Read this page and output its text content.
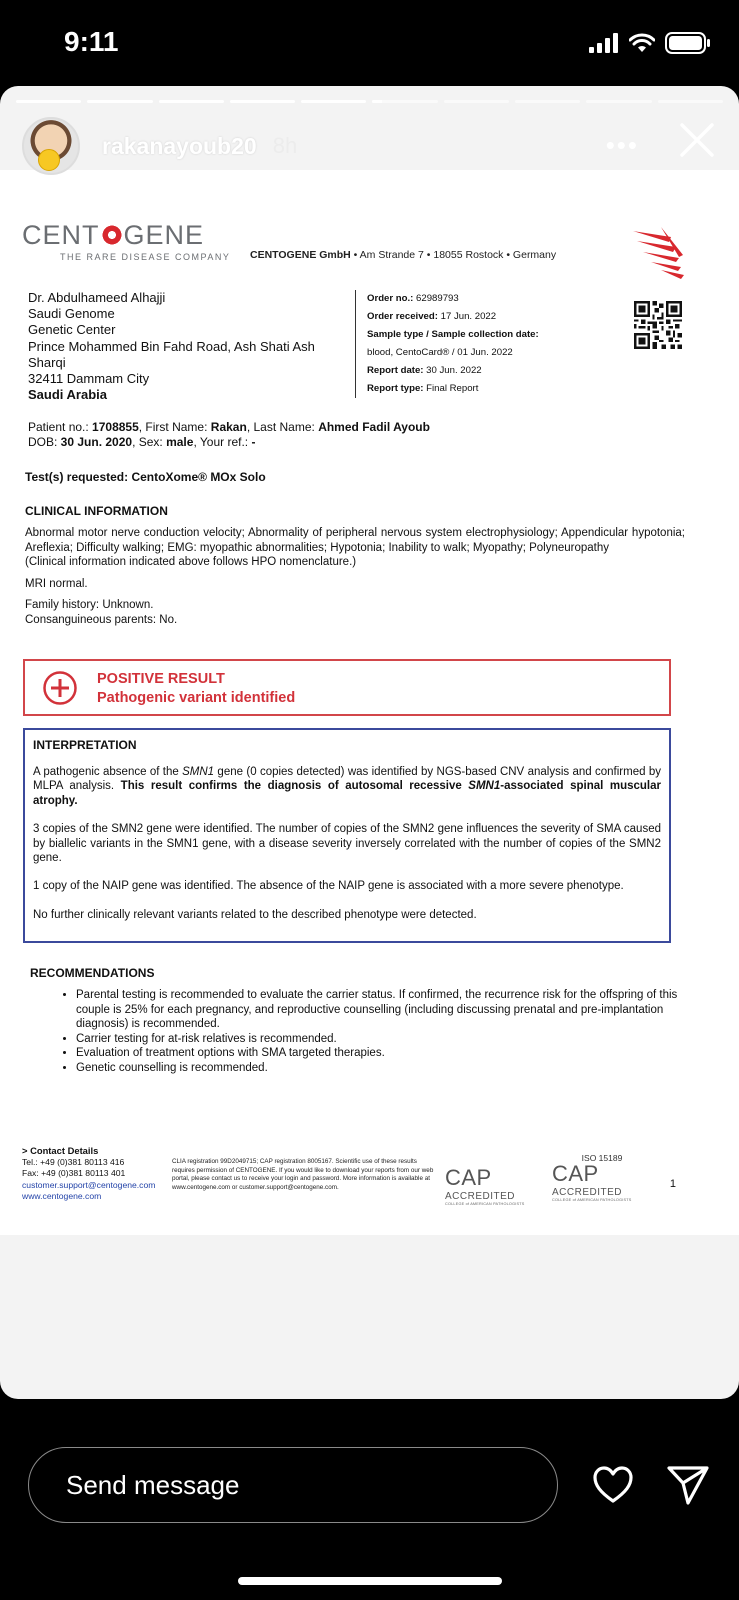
9:11
CENT GENE
THE RARE DISEASE COMPANY CENTOGENE GmbH • Am Strande 7 • 18055 Rostock • Germany
Dr. Abdulhameed Alhajji
Saudi Genome
Genetic Center
Prince Mohammed Bin Fahd Road, Ash Shati Ash
Sharqi
32411 Dammam City
Saudi Arabia
Order no.: 62989793
Order received: 17 Jun. 2022
Sample type / Sample collection date:
blood, CentoCard® / 01 Jun. 2022
Report date: 30 Jun. 2022
Report type: Final Report
Patient no.: 1708855, First Name: Rakan, Last Name: Ahmed Fadil Ayoub
DOB: 30 Jun. 2020, Sex: male, Your ref.: -
Test(s) requested: CentoXome® MOx Solo
CLINICAL INFORMATION

Abnormal motor nerve conduction velocity; Abnormality of peripheral nervous system electrophysiology; Appendicular hypotonia; Areflexia; Difficulty walking; EMG: myopathic abnormalities; Hypotonia; Inability to walk; Myopathy; Polyneuropathy

(Clinical information indicated above follows HPO nomenclature.)

MRI normal.

Family history: Unknown.

Consanguineous parents: No.

POSITIVE RESULT
Pathogenic variant identified
INTERPRETATION

A pathogenic absence of the SMN1 gene (0 copies detected) was identified by NGS-based CNV analysis and confirmed by MLPA analysis. This result confirms the diagnosis of autosomal recessive SMN1-associated spinal muscular atrophy.

3 copies of the SMN2 gene were identified. The number of copies of the SMN2 gene influences the severity of SMA caused by biallelic variants in the SMN1 gene, with a disease severity inversely correlated with the number of copies of the SMN2 gene.

1 copy of the NAIP gene was identified. The absence of the NAIP gene is associated with a more severe phenotype.

No further clinically relevant variants related to the described phenotype were detected.

RECOMMENDATIONS
• Parental testing is recommended to evaluate the carrier status. If confirmed, the recurrence risk for the offspring of this couple is 25% for each pregnancy, and reproductive counselling (including discussing prenatal and pre-implantation diagnosis) is recommended.
• Carrier testing for at-risk relatives is recommended.
• Evaluation of treatment options with SMA targeted therapies.
• Genetic counselling is recommended.
> Contact Details
Tel.: +49 (0)381 80113 416
Fax: +49 (0)381 80113 401
customer.support@centogene.com
www.centogene.com
CLIA registration 99D2049715; CAP registration 8005167. Scientific use of these results requires permission of CENTOGENE. If you would like to download your reports from our web portal, please contact us to receive your login and password. More information is available at www.centogene.com or customer.support@centogene.com.	CAP
ACCREDITED
COLLEGE of AMERICAN PATHOLOGISTS
ISO 15189
CAP
ACCREDITED
COLLEGE of AMERICAN PATHOLOGISTS
1
rakanayoub20 8h	•••
Send message
